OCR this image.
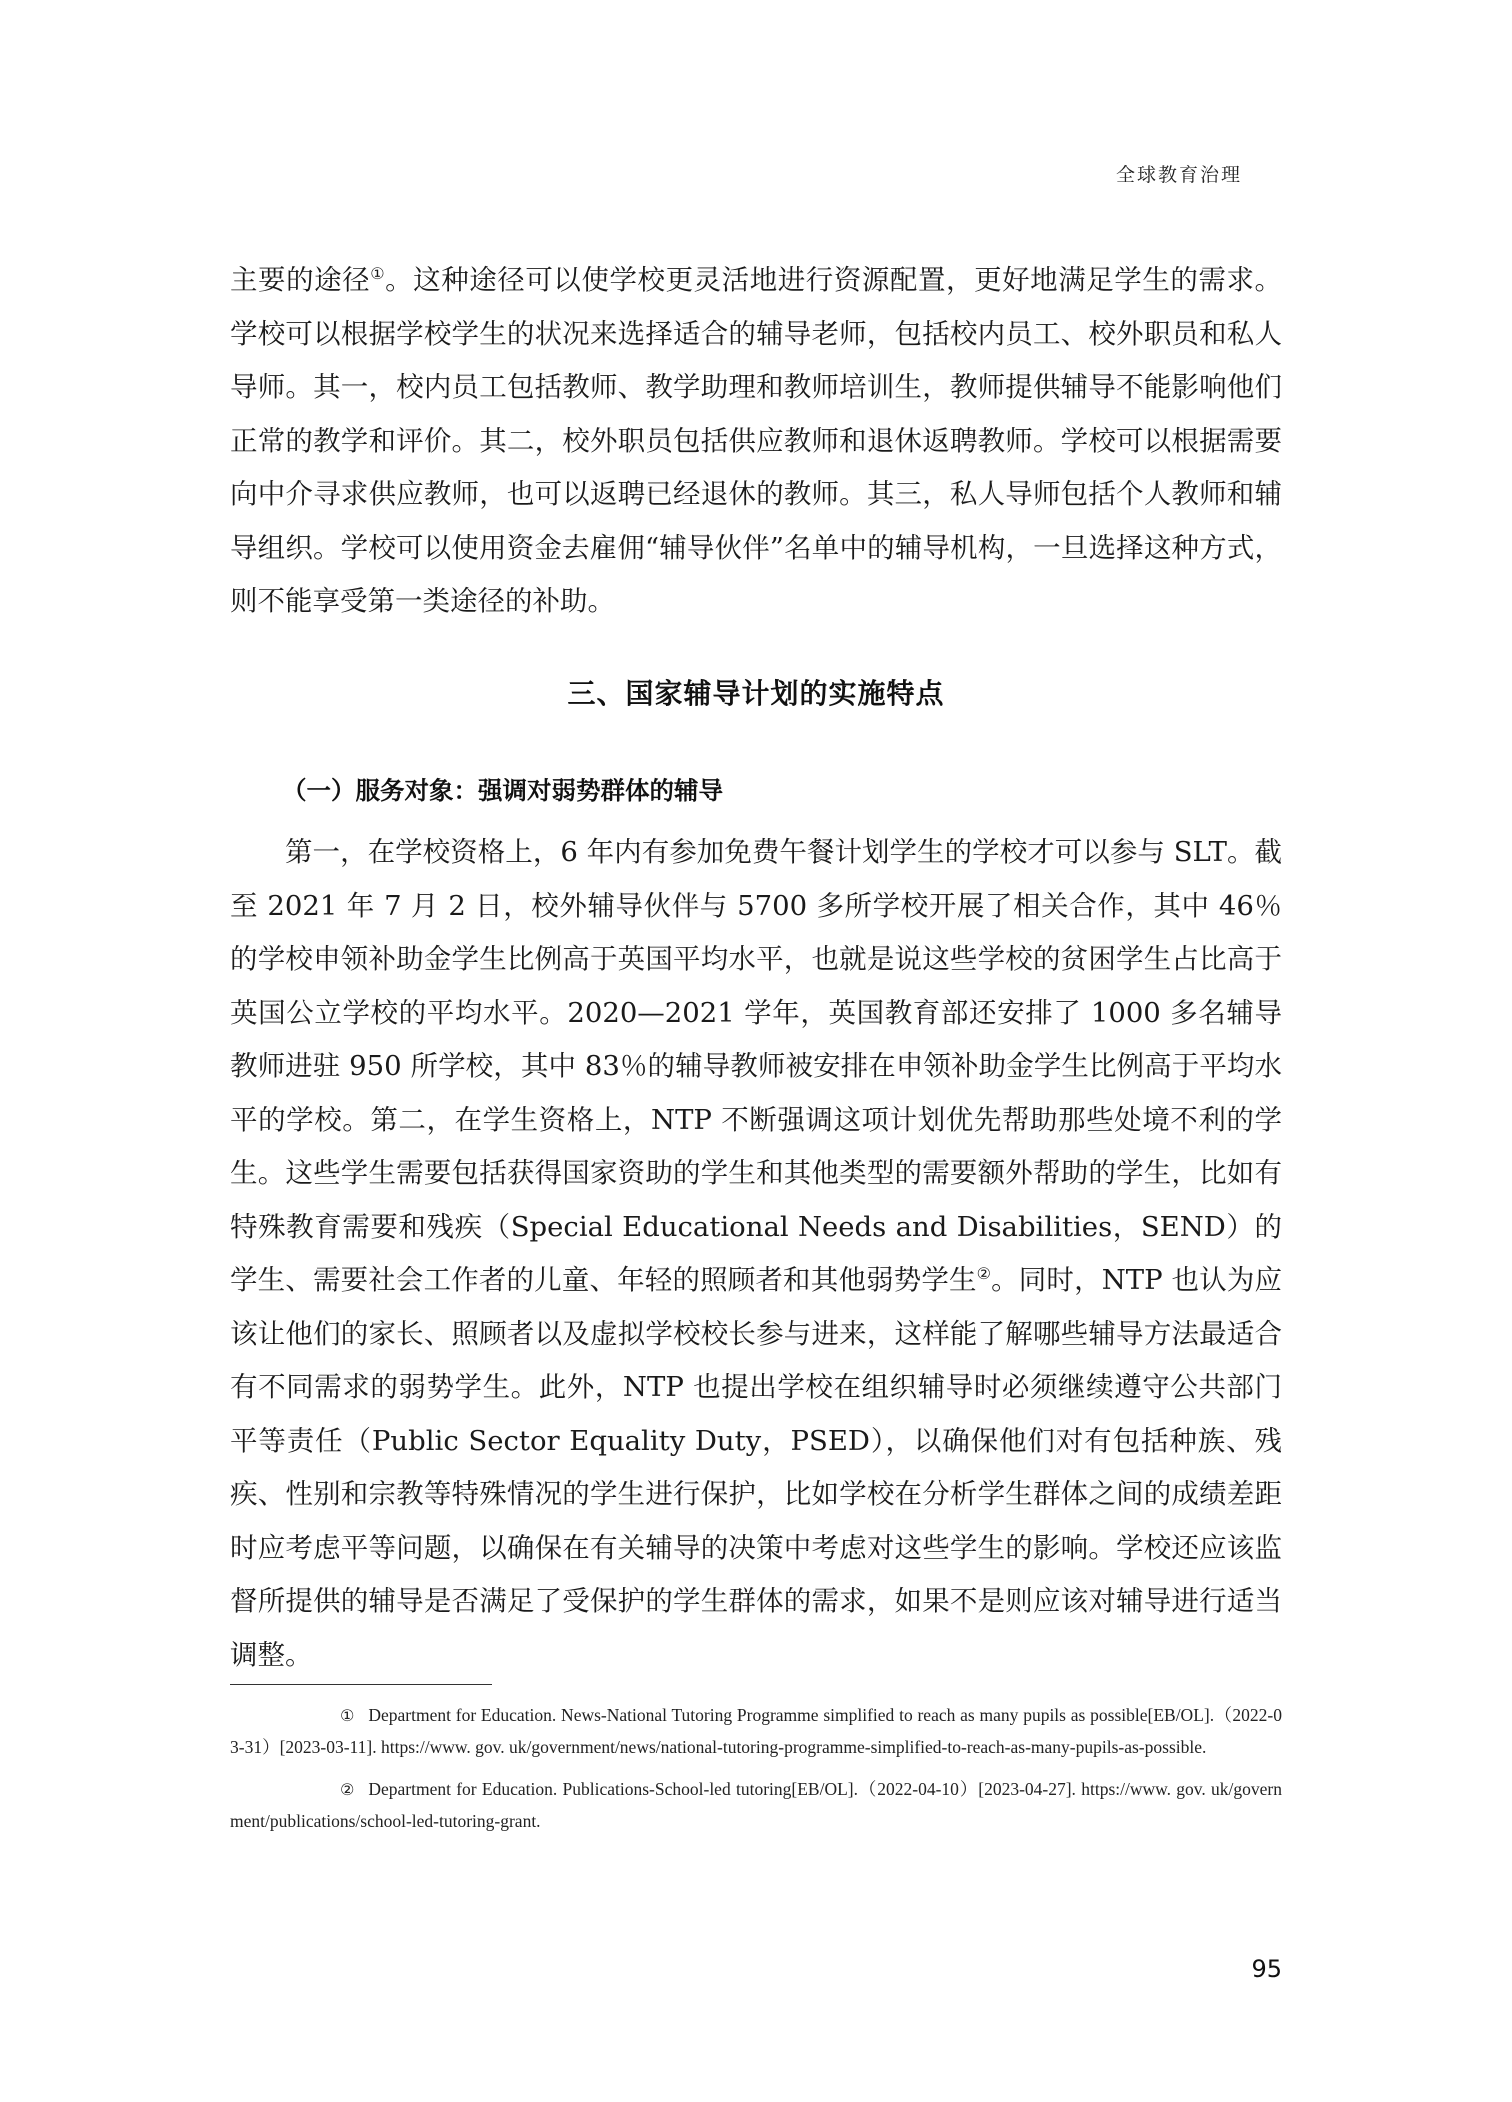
全球教育治理

主要的途径①。这种途径可以使学校更灵活地进行资源配置，更好地满足学生的需求。学校可以根据学校学生的状况来选择适合的辅导老师，包括校内员工、校外职员和私人导师。其一，校内员工包括教师、教学助理和教师培训生，教师提供辅导不能影响他们正常的教学和评价。其二，校外职员包括供应教师和退休返聘教师。学校可以根据需要向中介寻求供应教师，也可以返聘已经退休的教师。其三，私人导师包括个人教师和辅导组织。学校可以使用资金去雇佣“辅导伙伴”名单中的辅导机构，一旦选择这种方式，则不能享受第一类途径的补助。

三、国家辅导计划的实施特点
（一）服务对象：强调对弱势群体的辅导

第一，在学校资格上，6 年内有参加免费午餐计划学生的学校才可以参与 SLT。截至 2021 年 7 月 2 日，校外辅导伙伴与 5700 多所学校开展了相关合作，其中 46％的学校申领补助金学生比例高于英国平均水平，也就是说这些学校的贫困学生占比高于英国公立学校的平均水平。2020—2021 学年，英国教育部还安排了 1000 多名辅导教师进驻 950 所学校，其中 83％的辅导教师被安排在申领补助金学生比例高于平均水平的学校。第二，在学生资格上，NTP 不断强调这项计划优先帮助那些处境不利的学生。这些学生需要包括获得国家资助的学生和其他类型的需要额外帮助的学生，比如有特殊教育需要和残疾（Special Educational Needs and Disabilities，SEND）的学生、需要社会工作者的儿童、年轻的照顾者和其他弱势学生②。同时，NTP 也认为应该让他们的家长、照顾者以及虚拟学校校长参与进来，这样能了解哪些辅导方法最适合有不同需求的弱势学生。此外，NTP 也提出学校在组织辅导时必须继续遵守公共部门平等责任（Public Sector Equality Duty，PSED），以确保他们对有包括种族、残疾、性别和宗教等特殊情况的学生进行保护，比如学校在分析学生群体之间的成绩差距时应考虑平等问题，以确保在有关辅导的决策中考虑对这些学生的影响。学校还应该监督所提供的辅导是否满足了受保护的学生群体的需求，如果不是则应该对辅导进行适当调整。

① Department for Education. News-National Tutoring Programme simplified to reach as many pupils as possible[EB/OL].（2022-03-31）[2023-03-11]. https://www. gov. uk/government/news/national-tutoring-programme-simplified-to-reach-as-many-pupils-as-possible.

② Department for Education. Publications-School-led tutoring[EB/OL].（2022-04-10）[2023-04-27]. https://www. gov. uk/government/publications/school-led-tutoring-grant.

95
